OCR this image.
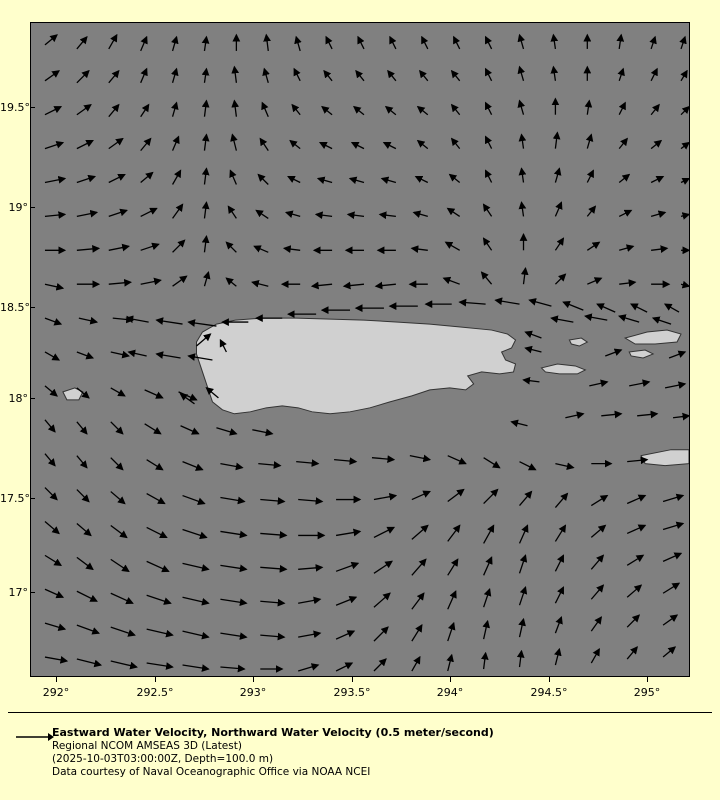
19.5°
19°
18.5°
18°
17.5°
17°
292°	292.5°	293°	293.5°	294°	294.5°	295°
Eastward Water Velocity, Northward Water Velocity (0.5 meter/second)
Regional NCOM AMSEAS 3D (Latest)
(2025-10-03T03:00:00Z, Depth=100.0 m)
Data courtesy of Naval Oceanographic Office via NOAA NCEI
